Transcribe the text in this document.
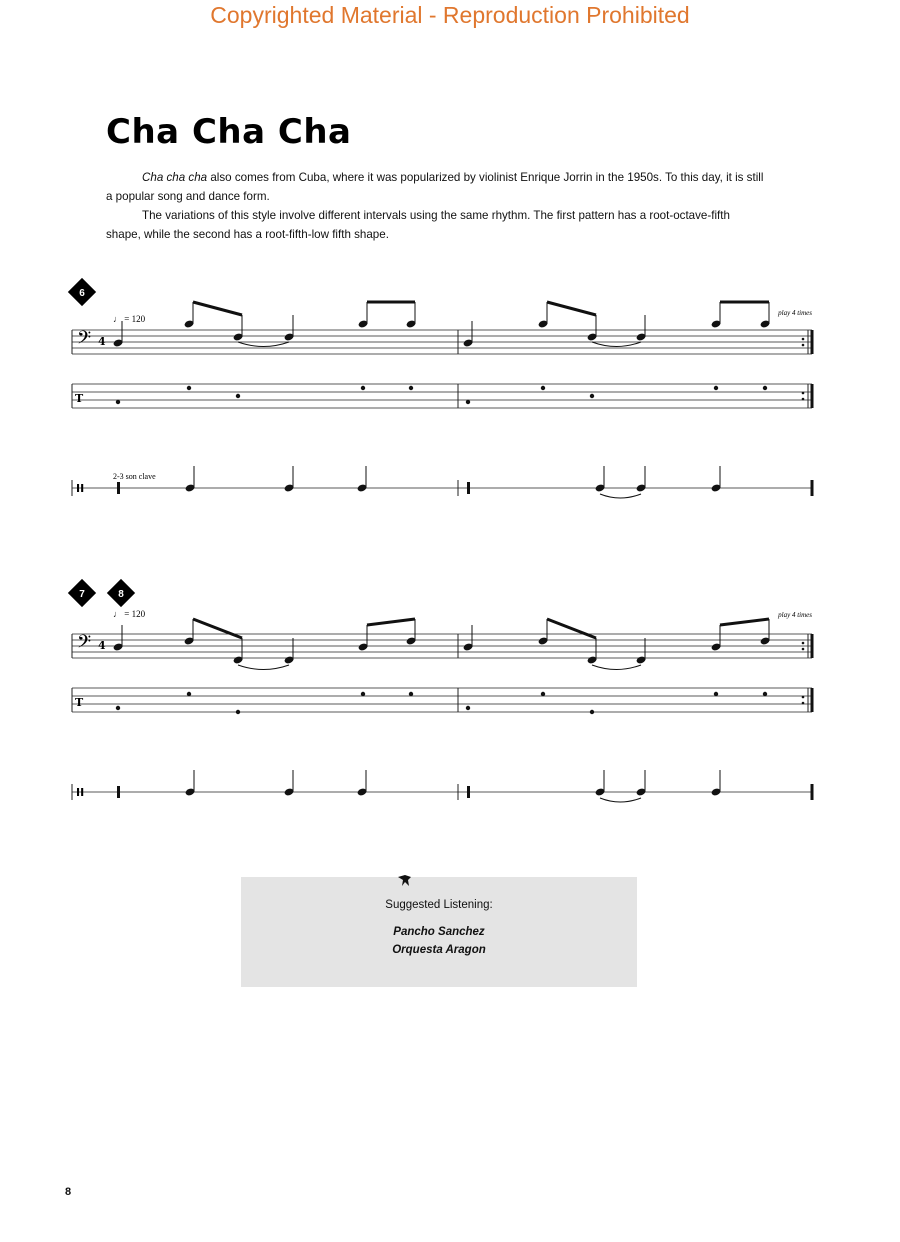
Copyrighted Material - Reproduction Prohibited
Cha Cha Cha

Cha cha cha also comes from Cuba, where it was popularized by violinist Enrique Jorrin in the 1950s. To this day, it is still a popular song and dance form.

The variations of this style involve different intervals using the same rhythm. The first pattern has a root-octave-fifth shape, while the second has a root-fifth-low fifth shape.

6
♩ = 120
play 4 times
2-3 son clave
𝄢 4
T
II
7	8
♩ = 120	play 4 times
𝄢 4
T
II
Suggested Listening:
Pancho Sanchez
Orquesta Aragon
8
